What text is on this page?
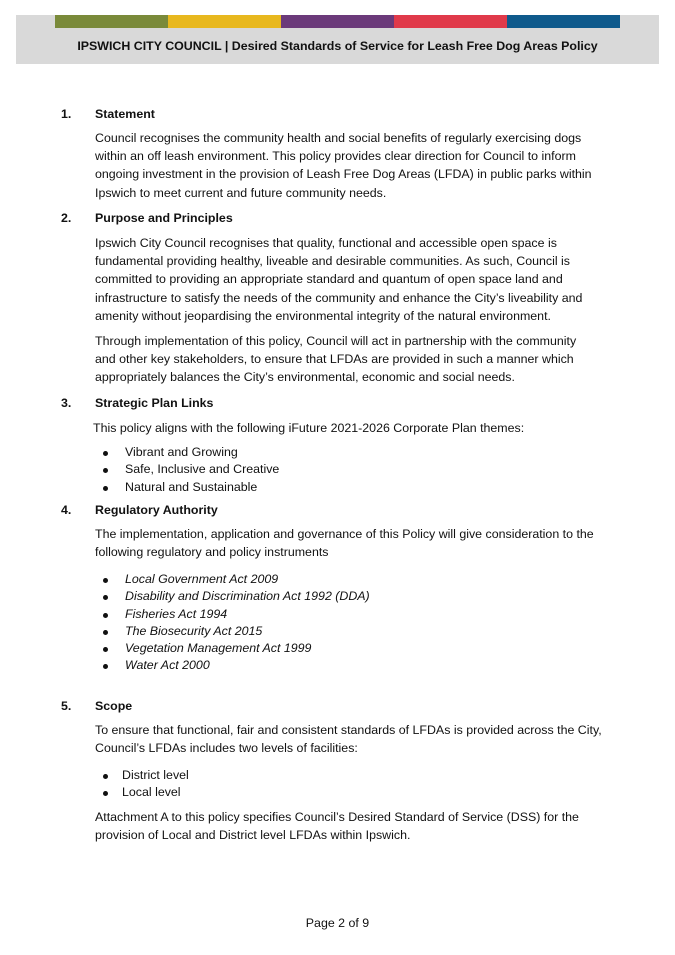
IPSWICH CITY COUNCIL | Desired Standards of Service for Leash Free Dog Areas Policy
1. Statement
Council recognises the community health and social benefits of regularly exercising dogs
within an off leash environment. This policy provides clear direction for Council to inform
ongoing investment in the provision of Leash Free Dog Areas (LFDA) in public parks within
Ipswich to meet current and future community needs.
2. Purpose and Principles
Ipswich City Council recognises that quality, functional and accessible open space is
fundamental providing healthy, liveable and desirable communities. As such, Council is
committed to providing an appropriate standard and quantum of open space land and
infrastructure to satisfy the needs of the community and enhance the City’s liveability and
amenity without jeopardising the environmental integrity of the natural environment.
Through implementation of this policy, Council will act in partnership with the community
and other key stakeholders, to ensure that LFDAs are provided in such a manner which
appropriately balances the City’s environmental, economic and social needs.
3. Strategic Plan Links
This policy aligns with the following iFuture 2021-2026 Corporate Plan themes:
Vibrant and Growing
Safe, Inclusive and Creative
Natural and Sustainable
4. Regulatory Authority
The implementation, application and governance of this Policy will give consideration to the
following regulatory and policy instruments
Local Government Act 2009
Disability and Discrimination Act 1992 (DDA)
Fisheries Act 1994
The Biosecurity Act 2015
Vegetation Management Act 1999
Water Act 2000
5. Scope
To ensure that functional, fair and consistent standards of LFDAs is provided across the City,
Council’s LFDAs includes two levels of facilities:
District level
Local level
Attachment A to this policy specifies Council’s Desired Standard of Service (DSS) for the
provision of Local and District level LFDAs within Ipswich.
Page 2 of 9
